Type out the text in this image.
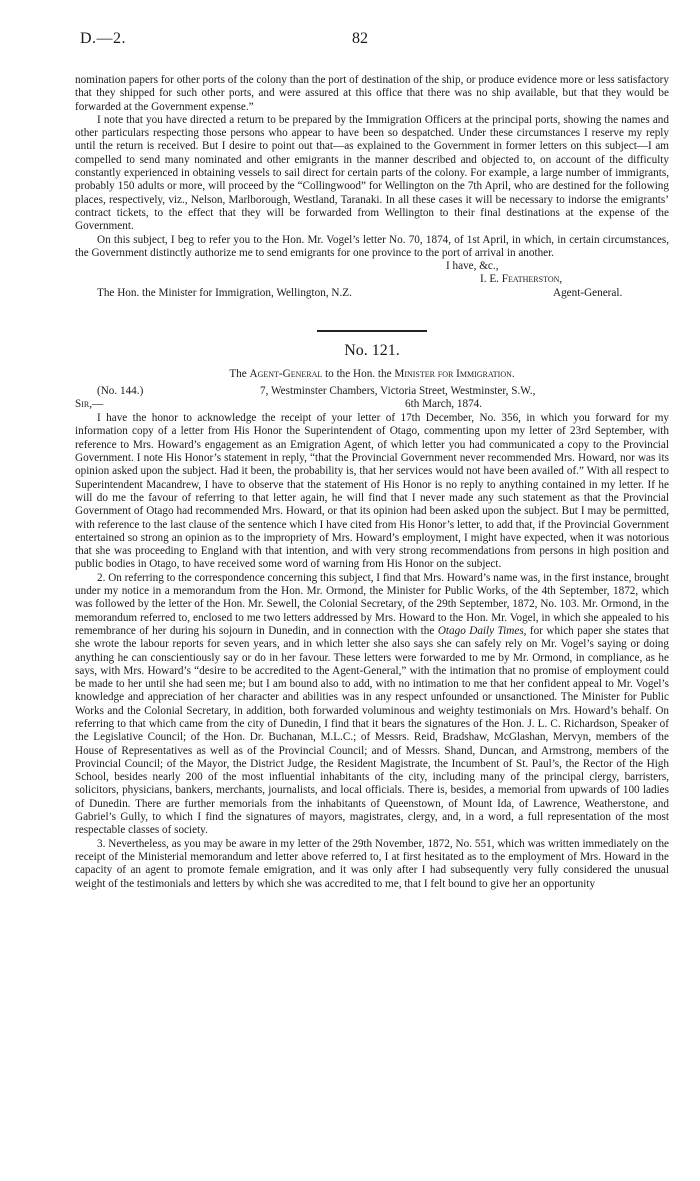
D.—2.	82

nomination papers for other ports of the colony than the port of destination of the ship, or produce evidence more or less satisfactory that they shipped for such other ports, and were assured at this office that there was no ship available, but that they would be forwarded at the Government expense.”

I note that you have directed a return to be prepared by the Immigration Officers at the principal ports, showing the names and other particulars respecting those persons who appear to have been so despatched. Under these circumstances I reserve my reply until the return is received. But I desire to point out that—as explained to the Government in former letters on this subject—I am compelled to send many nominated and other emigrants in the manner described and objected to, on account of the difficulty constantly experienced in obtaining vessels to sail direct for certain parts of the colony. For example, a large number of immigrants, probably 150 adults or more, will proceed by the “Collingwood” for Wellington on the 7th April, who are destined for the following places, respectively, viz., Nelson, Marlborough, Westland, Taranaki. In all these cases it will be necessary to indorse the emigrants’ contract tickets, to the effect that they will be forwarded from Wellington to their final destinations at the expense of the Government.

On this subject, I beg to refer you to the Hon. Mr. Vogel’s letter No. 70, 1874, of 1st April, in which, in certain circumstances, the Government distinctly authorize me to send emigrants for one province to the port of arrival in another.

I have, &c.,
I. E. Featherston,
The Hon. the Minister for Immigration, Wellington, N.Z.	Agent-General.
No. 121.
The Agent-General to the Hon. the Minister for Immigration.
(No. 144.)	7, Westminster Chambers, Victoria Street, Westminster, S.W.,
Sir,—	6th March, 1874.

I have the honor to acknowledge the receipt of your letter of 17th December, No. 356, in which you forward for my information copy of a letter from His Honor the Superintendent of Otago, commenting upon my letter of 23rd September, with reference to Mrs. Howard’s engagement as an Emigration Agent, of which letter you had communicated a copy to the Provincial Government. I note His Honor’s statement in reply, “that the Provincial Government never recommended Mrs. Howard, nor was its opinion asked upon the subject. Had it been, the probability is, that her services would not have been availed of.” With all respect to Superintendent Macandrew, I have to observe that the statement of His Honor is no reply to anything contained in my letter. If he will do me the favour of referring to that letter again, he will find that I never made any such statement as that the Provincial Government of Otago had recommended Mrs. Howard, or that its opinion had been asked upon the subject. But I may be permitted, with reference to the last clause of the sentence which I have cited from His Honor’s letter, to add that, if the Provincial Government entertained so strong an opinion as to the impropriety of Mrs. Howard’s employment, I might have expected, when it was notorious that she was proceeding to England with that intention, and with very strong recommendations from persons in high position and public bodies in Otago, to have received some word of warning from His Honor on the subject.

2. On referring to the correspondence concerning this subject, I find that Mrs. Howard’s name was, in the first instance, brought under my notice in a memorandum from the Hon. Mr. Ormond, the Minister for Public Works, of the 4th September, 1872, which was followed by the letter of the Hon. Mr. Sewell, the Colonial Secretary, of the 29th September, 1872, No. 103. Mr. Ormond, in the memorandum referred to, enclosed to me two letters addressed by Mrs. Howard to the Hon. Mr. Vogel, in which she appealed to his remembrance of her during his sojourn in Dunedin, and in connection with the Otago Daily Times, for which paper she states that she wrote the labour reports for seven years, and in which letter she also says she can safely rely on Mr. Vogel’s saying or doing anything he can conscientiously say or do in her favour. These letters were forwarded to me by Mr. Ormond, in compliance, as he says, with Mrs. Howard’s “desire to be accredited to the Agent-General,” with the intimation that no promise of employment could be made to her until she had seen me; but I am bound also to add, with no intimation to me that her confident appeal to Mr. Vogel’s knowledge and appreciation of her character and abilities was in any respect unfounded or unsanctioned. The Minister for Public Works and the Colonial Secretary, in addition, both forwarded voluminous and weighty testimonials on Mrs. Howard’s behalf. On referring to that which came from the city of Dunedin, I find that it bears the signatures of the Hon. J. L. C. Richardson, Speaker of the Legislative Council; of the Hon. Dr. Buchanan, M.L.C.; of Messrs. Reid, Bradshaw, McGlashan, Mervyn, members of the House of Representatives as well as of the Provincial Council; and of Messrs. Shand, Duncan, and Armstrong, members of the Provincial Council; of the Mayor, the District Judge, the Resident Magistrate, the Incumbent of St. Paul’s, the Rector of the High School, besides nearly 200 of the most influential inhabitants of the city, including many of the principal clergy, barristers, solicitors, physicians, bankers, merchants, journalists, and local officials. There is, besides, a memorial from upwards of 100 ladies of Dunedin. There are further memorials from the inhabitants of Queenstown, of Mount Ida, of Lawrence, Weatherstone, and Gabriel’s Gully, to which I find the signatures of mayors, magistrates, clergy, and, in a word, a full representation of the most respectable classes of society.

3. Nevertheless, as you may be aware in my letter of the 29th November, 1872, No. 551, which was written immediately on the receipt of the Ministerial memorandum and letter above referred to, I at first hesitated as to the employment of Mrs. Howard in the capacity of an agent to promote female emigration, and it was only after I had subsequently very fully considered the unusual weight of the testimonials and letters by which she was accredited to me, that I felt bound to give her an opportunity
